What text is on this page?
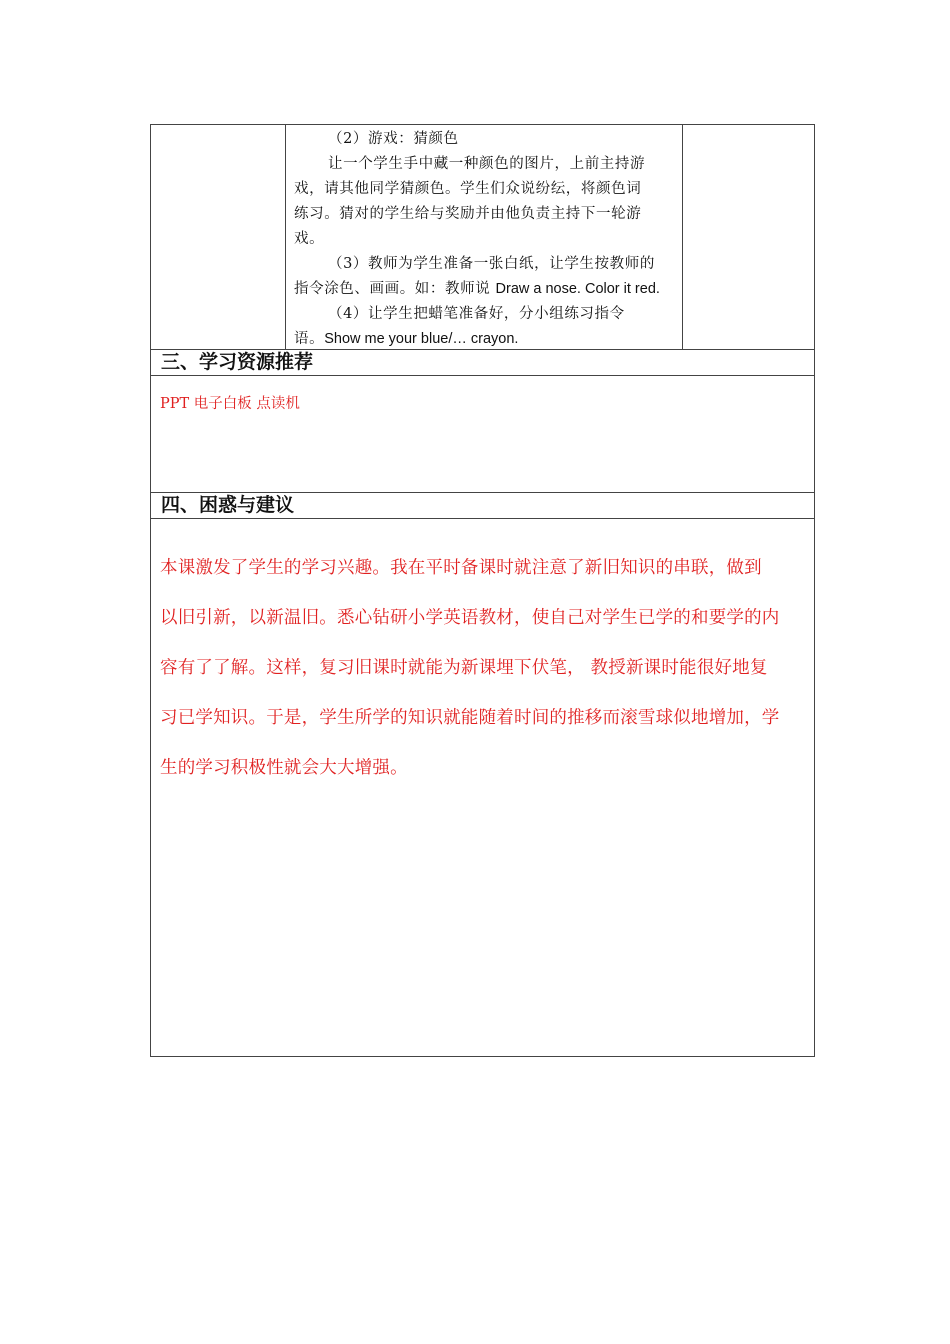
（2）游戏：猜颜色
让一个学生手中藏一种颜色的图片，上前主持游
戏，请其他同学猜颜色。学生们众说纷纭，将颜色词
练习。猜对的学生给与奖励并由他负责主持下一轮游
戏。
（3）教师为学生准备一张白纸，让学生按教师的
指令涂色、画画。如：教师说 Draw a nose. Color it red.
（4）让学生把蜡笔准备好，分小组练习指令
语。Show me your blue/… crayon.
三、学习资源推荐
PPT 电子白板 点读机
四、困惑与建议
本课激发了学生的学习兴趣。我在平时备课时就注意了新旧知识的串联，做到
以旧引新，以新温旧。悉心钻研小学英语教材，使自己对学生已学的和要学的内
容有了了解。这样，复习旧课时就能为新课埋下伏笔， 教授新课时能很好地复
习已学知识。于是，学生所学的知识就能随着时间的推移而滚雪球似地增加，学
生的学习积极性就会大大增强。
